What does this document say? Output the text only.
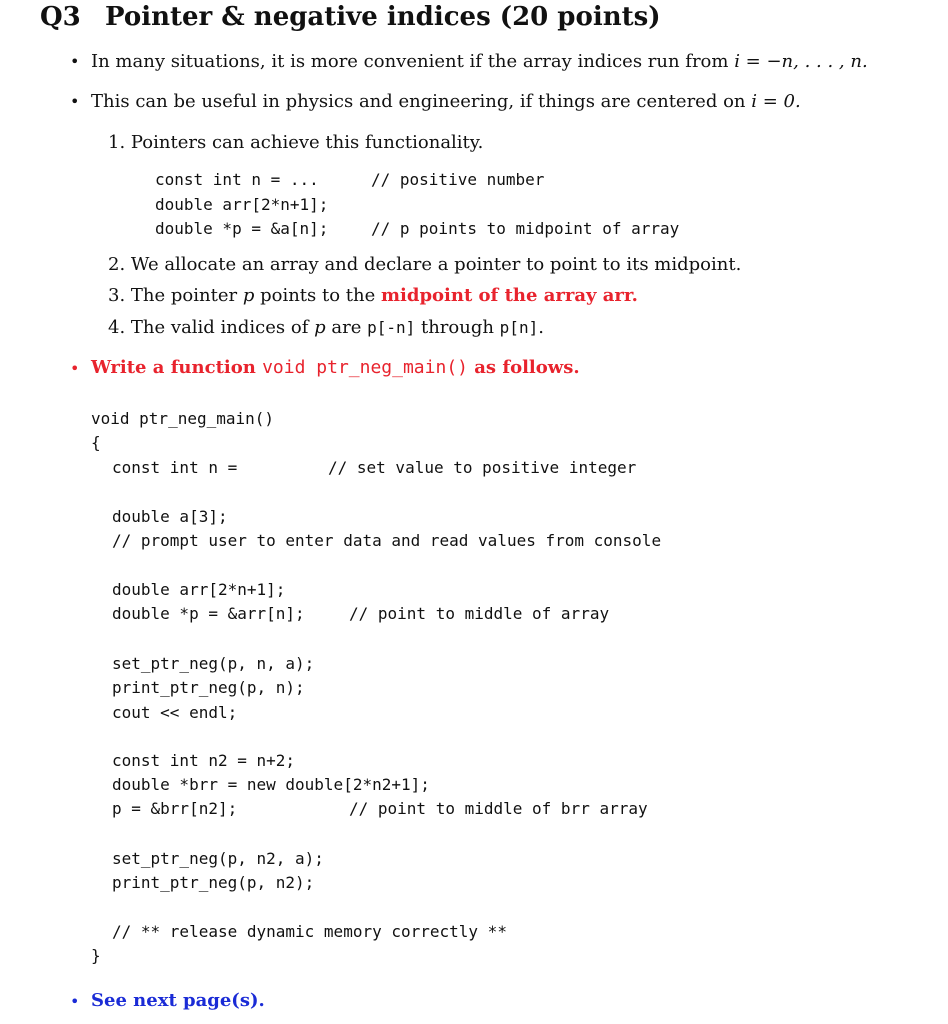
Q3 Pointer & negative indices (20 points)
• In many situations, it is more convenient if the array indices run from i = −n, . . . , n.
• This can be useful in physics and engineering, if things are centered on i = 0.
1. Pointers can achieve this functionality.
const int n = ...	// positive number
double arr[2*n+1];
double *p = &a[n];	// p points to midpoint of array
2. We allocate an array and declare a pointer to point to its midpoint.
3. The pointer p points to the midpoint of the array arr.
4. The valid indices of p are p[-n] through p[n].
• Write a function void ptr_neg_main() as follows.
void ptr_neg_main()
{
const int n =	// set value to positive integer
double a[3];
// prompt user to enter data and read values from console
double arr[2*n+1];
double *p = &arr[n];	// point to middle of array
set_ptr_neg(p, n, a);
print_ptr_neg(p, n);
cout << endl;
const int n2 = n+2;
double *brr = new double[2*n2+1];
p = &brr[n2];	// point to middle of brr array
set_ptr_neg(p, n2, a);
print_ptr_neg(p, n2);
// ** release dynamic memory correctly **
}
• See next page(s).
